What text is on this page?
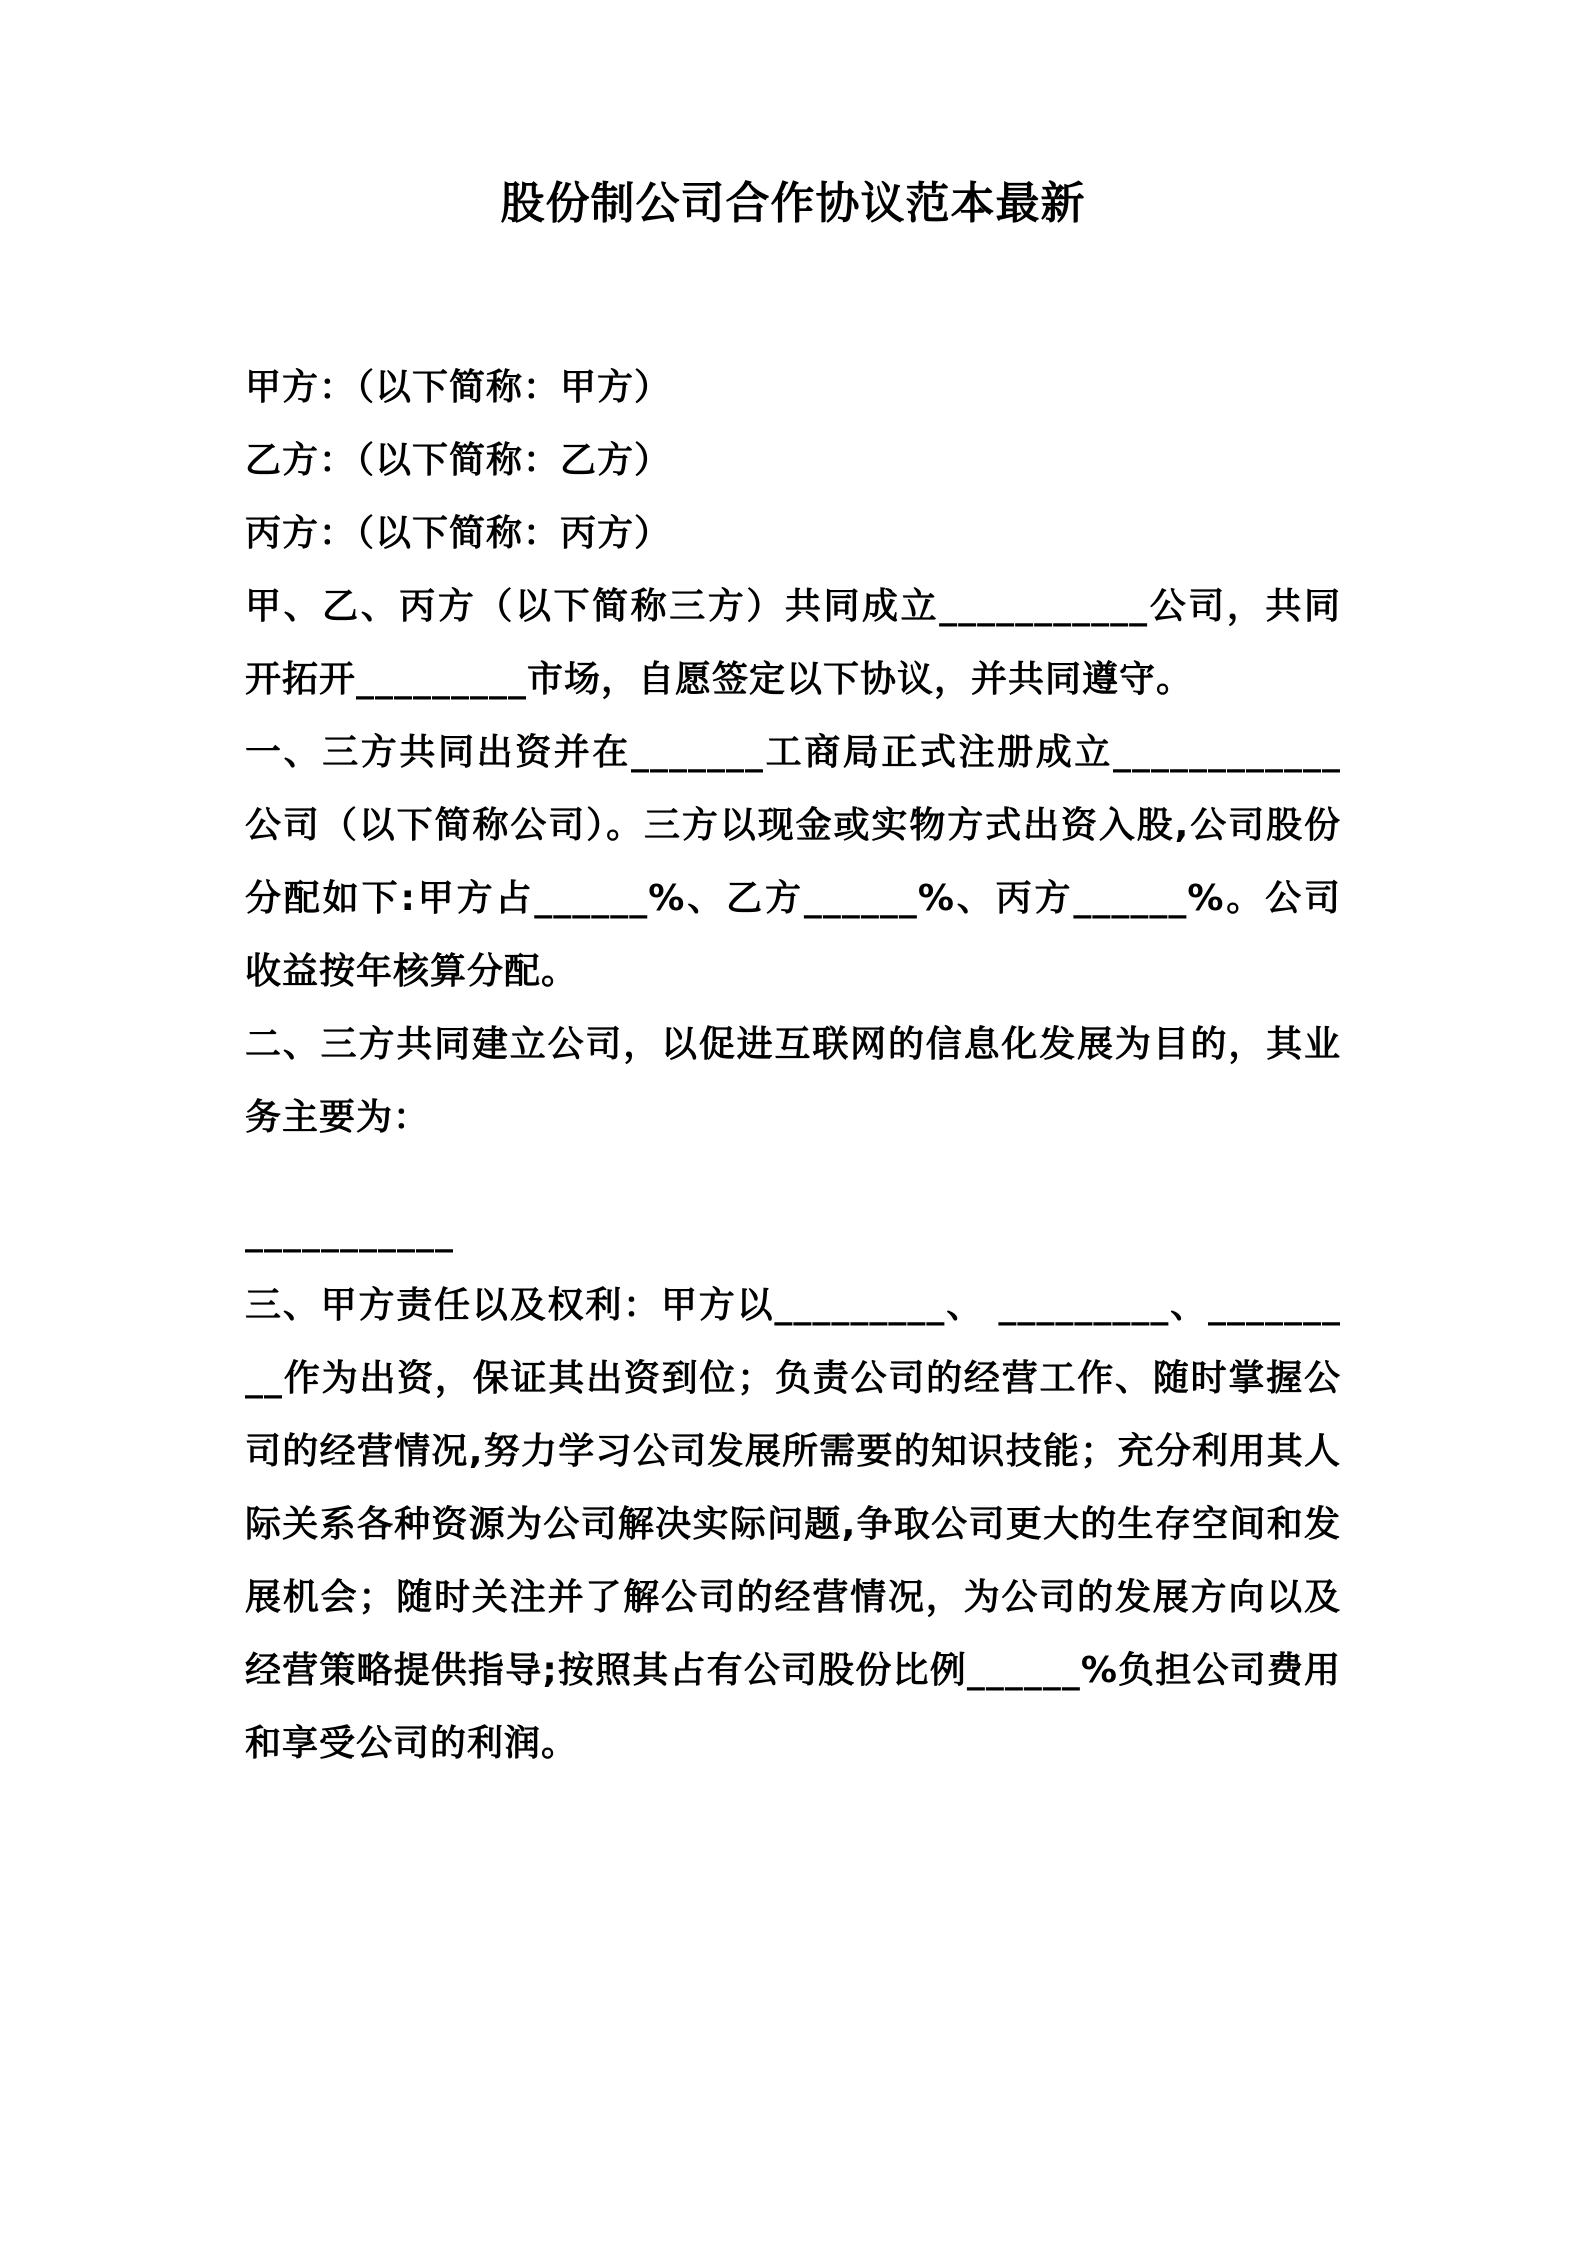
股份制公司合作协议范本最新

甲方：（以下简称：甲方）

乙方：（以下简称：乙方）

丙方：（以下简称：丙方）

甲、乙、丙方（以下简称三方）共同成立___________公司，共同开拓开_________市场，自愿签定以下协议，并共同遵守。

一、三方共同出资并在_______工商局正式注册成立____________公司（以下简称公司）。三方以现金或实物方式出资入股,公司股份分配如下:甲方占______%、乙方______%、丙方______%。公司收益按年核算分配。

二、三方共同建立公司，以促进互联网的信息化发展为目的，其业务主要为：

___________

三、甲方责任以及权利：甲方以_________、 _________、_________作为出资，保证其出资到位；负责公司的经营工作、随时掌握公司的经营情况,努力学习公司发展所需要的知识技能；充分利用其人际关系各种资源为公司解决实际问题,争取公司更大的生存空间和发展机会；随时关注并了解公司的经营情况，为公司的发展方向以及经营策略提供指导;按照其占有公司股份比例______%负担公司费用和享受公司的利润。
